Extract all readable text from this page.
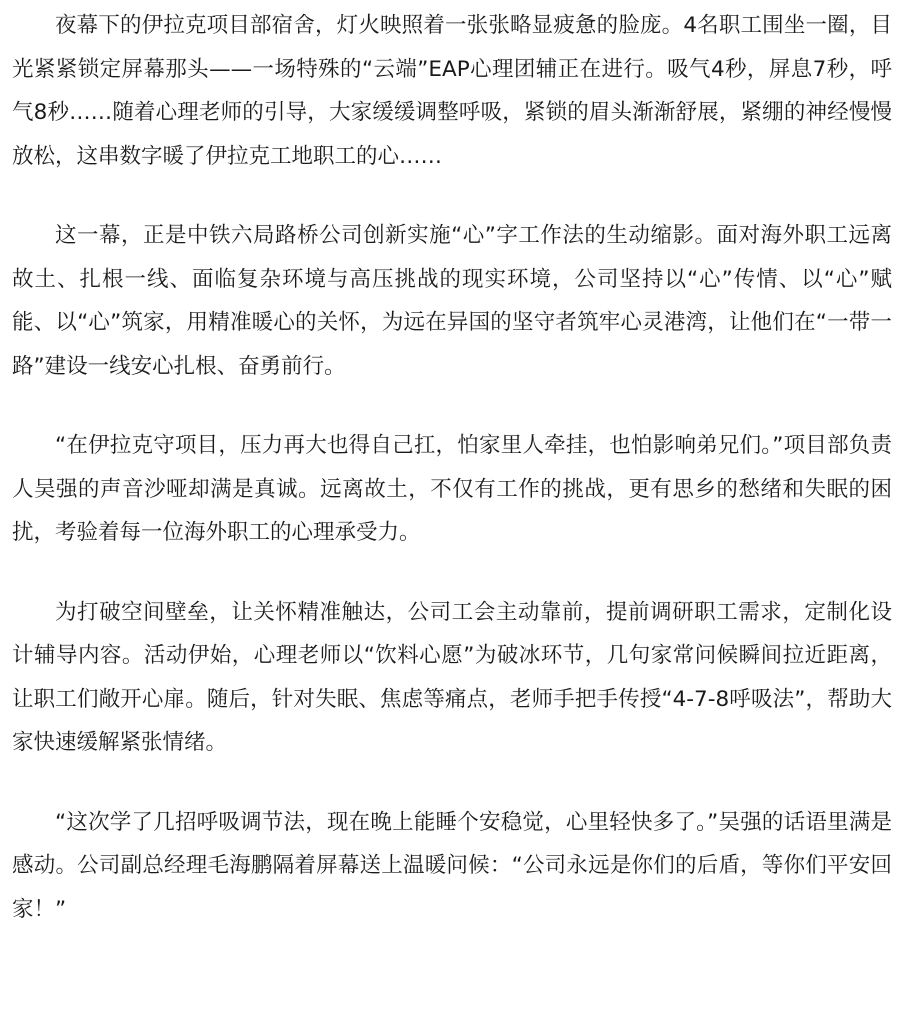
夜幕下的伊拉克项目部宿舍，灯火映照着一张张略显疲惫的脸庞。4名职工围坐一圈，目光紧紧锁定屏幕那头——一场特殊的“云端”EAP心理团辅正在进行。吸气4秒，屏息7秒，呼气8秒……随着心理老师的引导，大家缓缓调整呼吸，紧锁的眉头渐渐舒展，紧绷的神经慢慢放松，这串数字暖了伊拉克工地职工的心……

这一幕，正是中铁六局路桥公司创新实施“心”字工作法的生动缩影。面对海外职工远离故土、扎根一线、面临复杂环境与高压挑战的现实环境，公司坚持以“心”传情、以“心”赋能、以“心”筑家，用精准暖心的关怀，为远在异国的坚守者筑牢心灵港湾，让他们在“一带一路”建设一线安心扎根、奋勇前行。

“在伊拉克守项目，压力再大也得自己扛，怕家里人牵挂，也怕影响弟兄们。”项目部负责人吴强的声音沙哑却满是真诚。远离故土，不仅有工作的挑战，更有思乡的愁绪和失眠的困扰，考验着每一位海外职工的心理承受力。

为打破空间壁垒，让关怀精准触达，公司工会主动靠前，提前调研职工需求，定制化设计辅导内容。活动伊始，心理老师以“饮料心愿”为破冰环节，几句家常问候瞬间拉近距离，让职工们敞开心扉。随后，针对失眠、焦虑等痛点，老师手把手传授“4-7-8呼吸法”，帮助大家快速缓解紧张情绪。

“这次学了几招呼吸调节法，现在晚上能睡个安稳觉，心里轻快多了。”吴强的话语里满是感动。公司副总经理毛海鹏隔着屏幕送上温暖问候：“公司永远是你们的后盾，等你们平安回家！”
